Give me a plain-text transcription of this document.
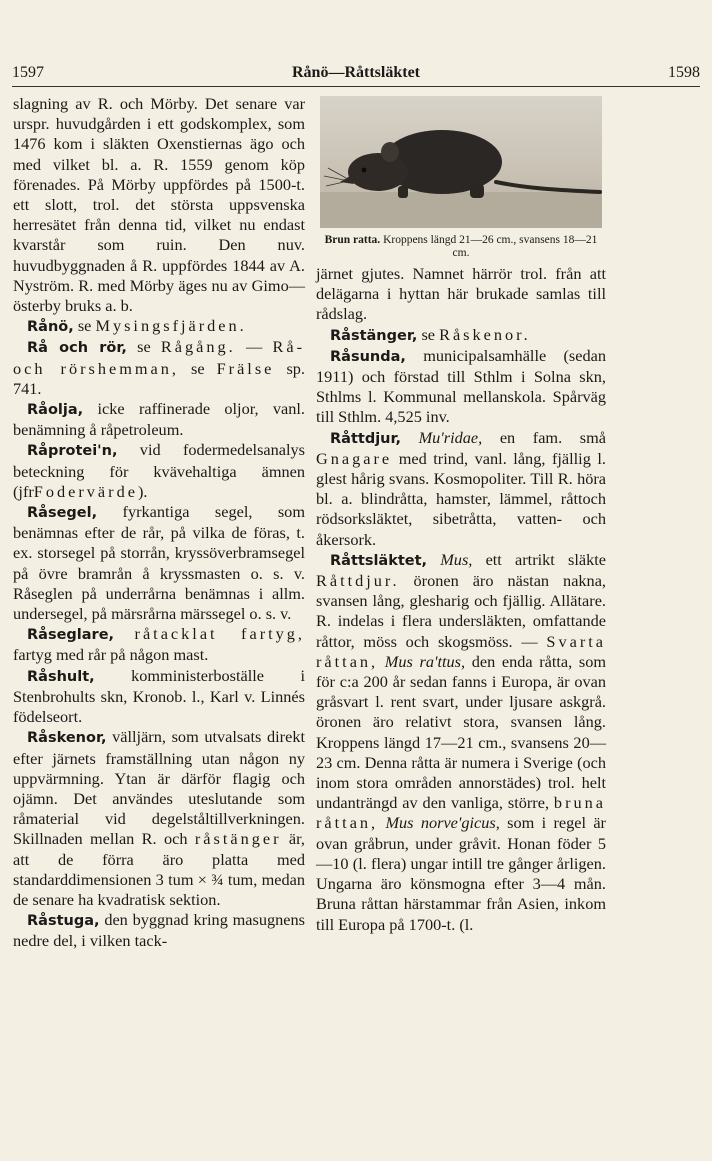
1597	Rånö—Råttsläktet	1598

slagning av R. och Mörby. Det senare var urspr. huvudgården i ett godskomplex, som 1476 kom i släkten Oxenstiernas ägo och med vilket bl. a. R. 1559 genom köp förenades. På Mörby uppfördes på 1500-t. ett slott, trol. det största uppsvenska herresätet från denna tid, vilket nu endast kvarstår som ruin. Den nuv. huvudbyggnaden å R. uppfördes 1844 av A. Nyström. R. med Mörby äges nu av Gimo—österby bruks a. b.

Rånö, se Mysingsfjärden.

Rå och rör, se Rågång. — Rå- och rörshemman, se Frälse sp. 741.

Råolja, icke raffinerade oljor, vanl. benämning å råpetroleum.

Råprotei'n, vid fodermedelsanalys beteckning för kvävehaltiga ämnen (jfrFodervärde).

Råsegel, fyrkantiga segel, som benämnas efter de rår, på vilka de föras, t. ex. storsegel på storrån, kryssöverbramsegel på övre bramrån å kryssmasten o. s. v. Råseglen på underrårna benämnas i allm. undersegel, på märsrårna märssegel o. s. v.

Råseglare, råtacklat fartyg, fartyg med rår på någon mast.

Råshult, komministerboställe i Stenbrohults skn, Kronob. l., Karl v. Linnés födelseort.

Råskenor, välljärn, som utvalsats direkt efter järnets framställning utan någon ny uppvärmning. Ytan är därför flagig och ojämn. Det användes uteslutande som råmaterial vid degelståltillverkningen. Skillnaden mellan R. och råstänger är, att de förra äro platta med standarddimensionen 3 tum × ¾ tum, medan de senare ha kvadratisk sektion.

Råstuga, den byggnad kring masugnens nedre del, i vilken tack-

Brun ratta. Kroppens längd 21—26 cm., svansens 18—21 cm.

järnet gjutes. Namnet härrör trol. från att delägarna i hyttan här brukade samlas till rådslag.

Råstänger, se Råskenor.

Råsunda, municipalsamhälle (sedan 1911) och förstad till Sthlm i Solna skn, Sthlms l. Kommunal mellanskola. Spårväg till Sthlm. 4,525 inv.

Råttdjur, Mu'ridae, en fam. små Gnagare med trind, vanl. lång, fjällig l. glest hårig svans. Kosmopoliter. Till R. höra bl. a. blindråtta, hamster, lämmel, råttoch rödsorksläktet, sibetråtta, vatten- och åkersork.

Råttsläktet, Mus, ett artrikt släkte Råttdjur. öronen äro nästan nakna, svansen lång, glesharig och fjällig. Allätare. R. indelas i flera undersläkten, omfattande råttor, möss och skogsmöss. — Svarta råttan, Mus ra'ttus, den enda råtta, som för c:a 200 år sedan fanns i Europa, är ovan gråsvart l. rent svart, under ljusare askgrå. öronen äro relativt stora, svansen lång. Kroppens längd 17—21 cm., svansens 20—23 cm. Denna råtta är numera i Sverige (och inom stora områden annorstädes) trol. helt undanträngd av den vanliga, större, bruna råttan, Mus norve'gicus, som i regel är ovan gråbrun, under gråvit. Honan föder 5—10 (l. flera) ungar intill tre gånger årligen. Ungarna äro könsmogna efter 3—4 mån. Bruna råttan härstammar från Asien, inkom till Europa på 1700-t. (l.
